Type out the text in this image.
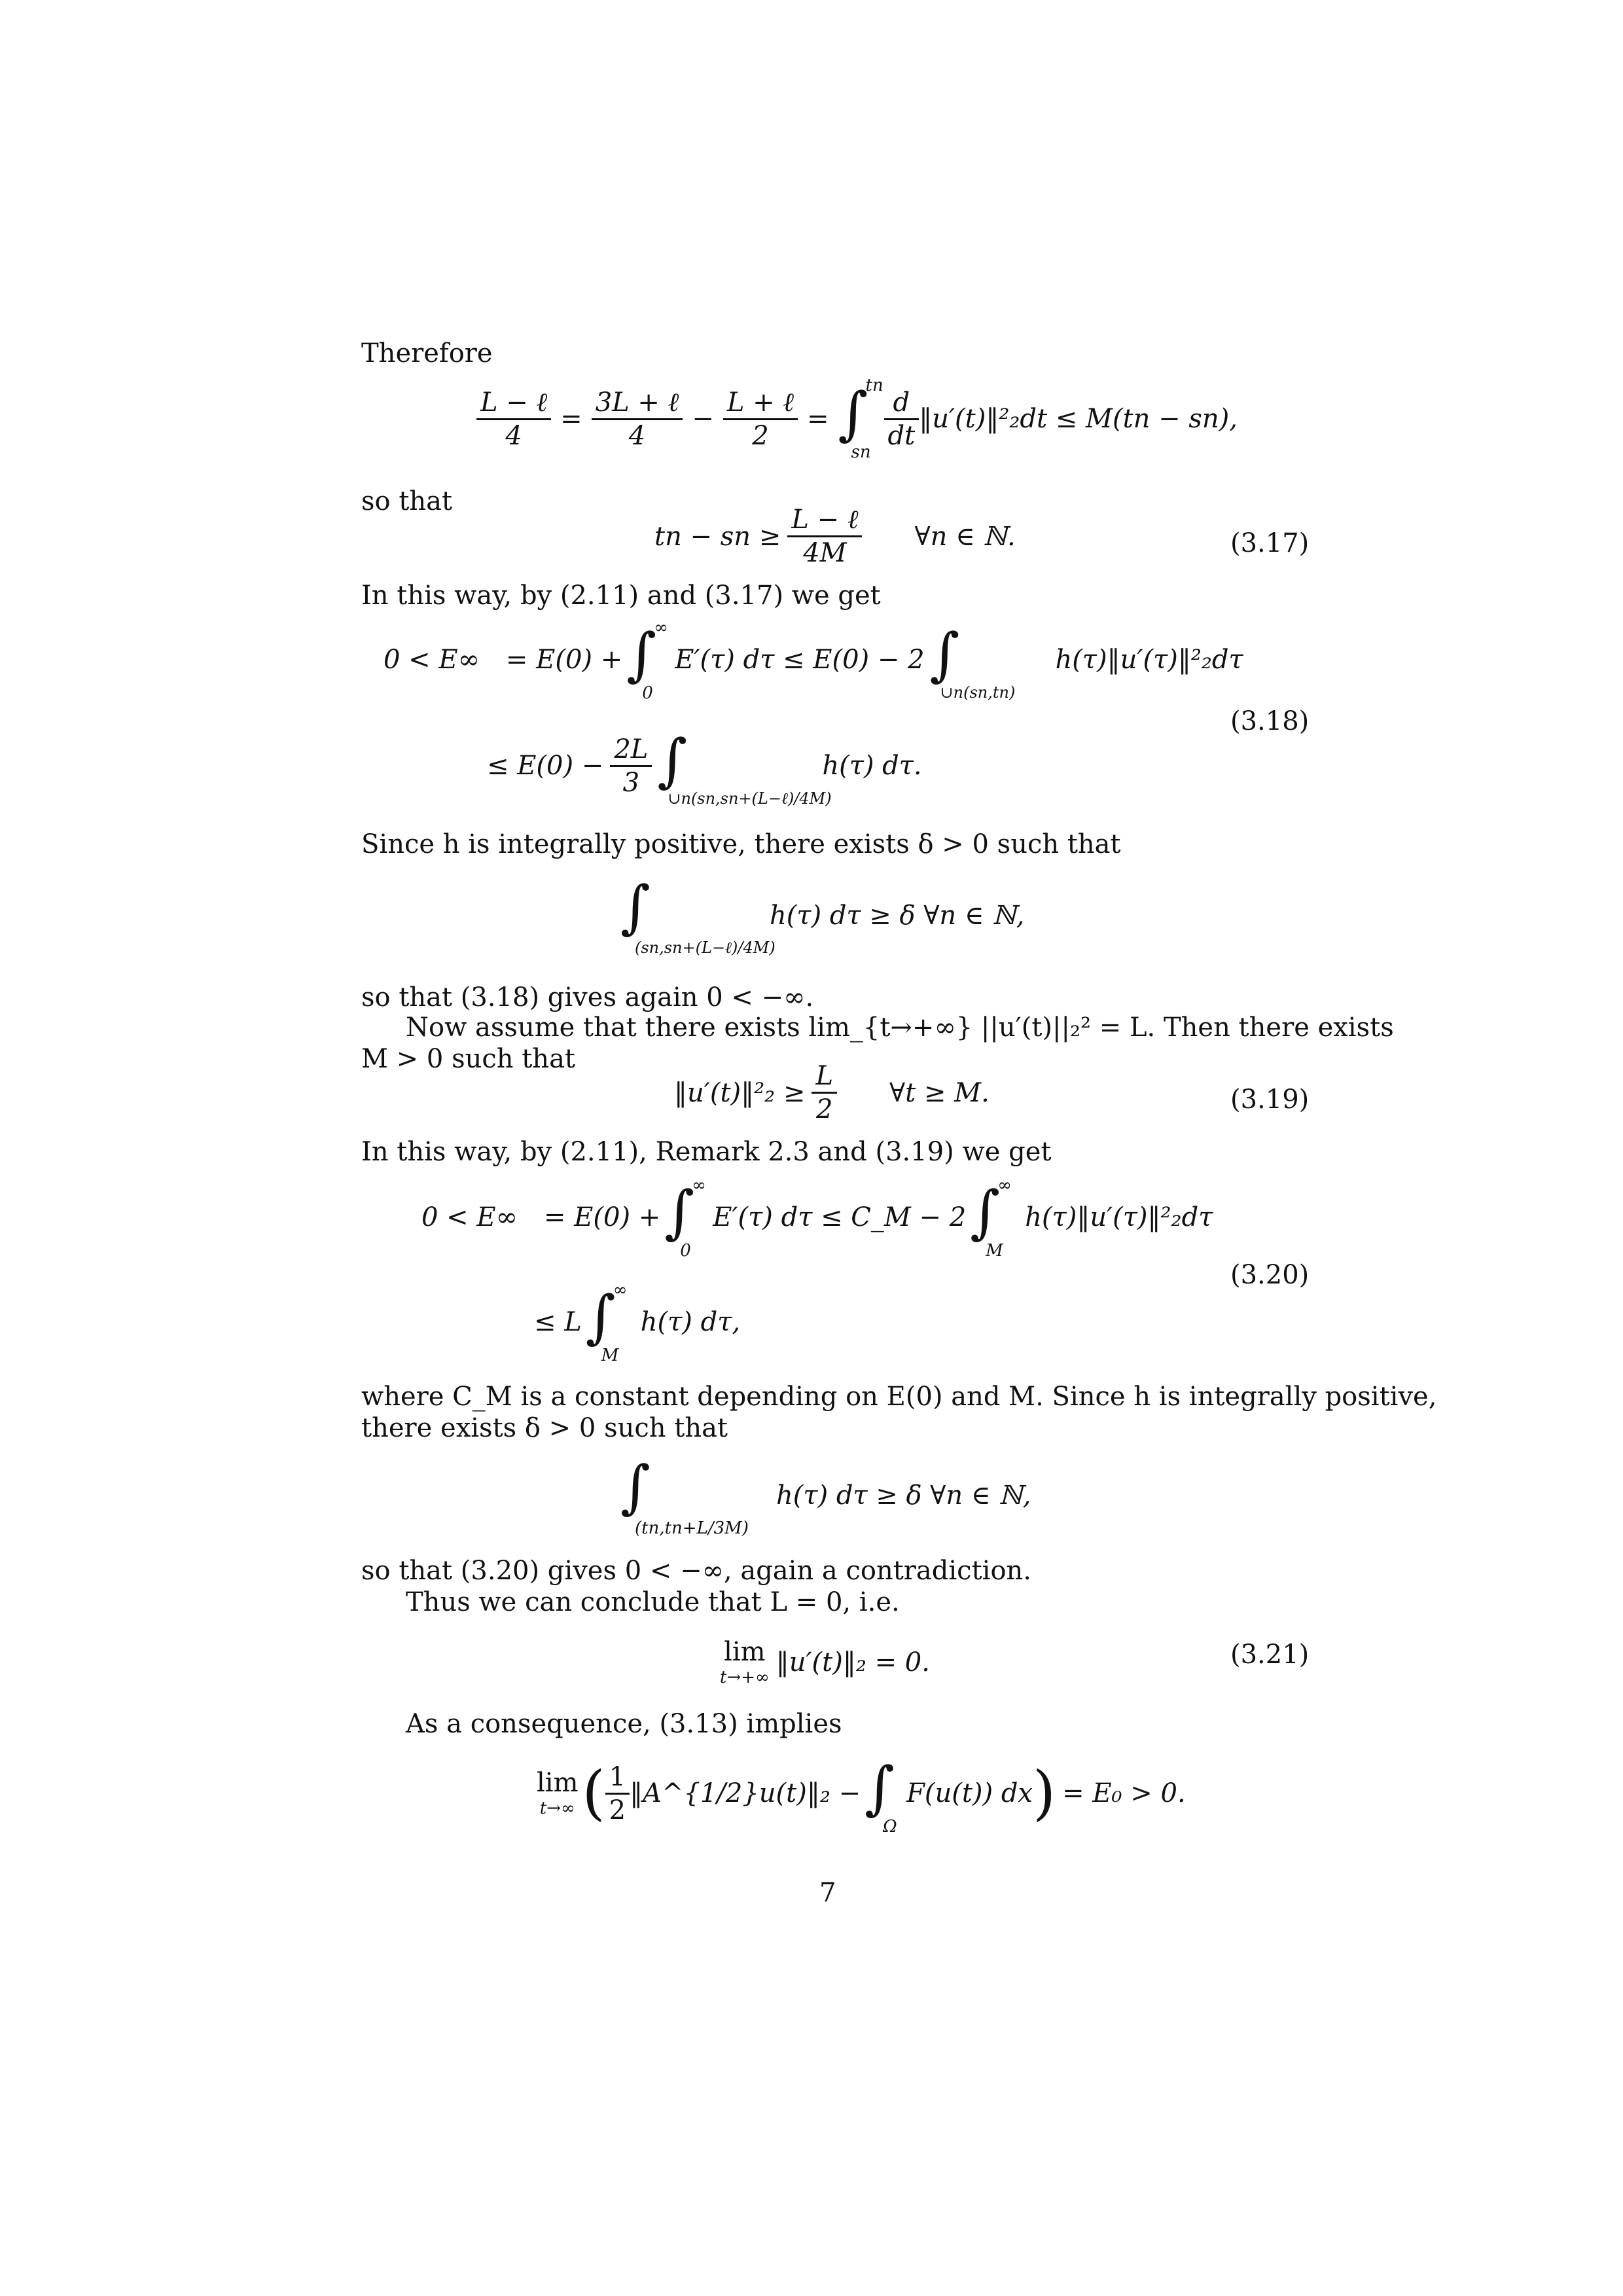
Therefore
$\frac{\text{L − ℓ}}{4} = \frac{\text{3L + ℓ}}{4} - \frac{\text{L + ℓ}}{2}$ = ∫
tn
sn
$\frac{d}{dt}$ ‖u′(t)‖²₂dt ≤ M(tn − sn),
so that
tn − sn ≥ $\frac{\text{L − ℓ}}{4M}$ ∀n ∈ ℕ.	(3.17)
In this way, by (2.11) and (3.17) we get
0 < E∞ = E(0) + ∫
∞
0
E′(τ) dτ ≤ E(0) − 2 ∫
∪n(sn,tn)
h(τ)‖u′(τ)‖²₂dτ
(3.18)
≤ $E(0) - \frac{2L}{3}$ ∫
∪n(sn,sn+(L−ℓ)/4M)
h(τ) dτ.
Since h is integrally positive, there exists δ > 0 such that
∫
(sn,sn+(L−ℓ)/4M)
h(τ) dτ ≥ δ ∀n ∈ ℕ,
so that (3.18) gives again 0 < −∞.
Now assume that there exists lim_{t→+∞} ||u′(t)||₂² = L. Then there exists
M > 0 such that
‖u′(t)‖²₂ ≥ $\frac{L}{2}$ ∀t ≥ M.	(3.19)
In this way, by (2.11), Remark 2.3 and (3.19) we get
0 < E∞ = E(0) + ∫
∞
0
E′(τ) dτ ≤ C_M − 2 ∫
∞
M
h(τ)‖u′(τ)‖²₂dτ
(3.20)
≤ L ∫
∞
M
h(τ) dτ,
where C_M is a constant depending on E(0) and M. Since h is integrally positive,
there exists δ > 0 such that
∫
(tn,tn+L/3M)
h(τ) dτ ≥ δ ∀n ∈ ℕ,
so that (3.20) gives 0 < −∞, again a contradiction.
Thus we can conclude that L = 0, i.e.
lim
t→+∞
‖u′(t)‖₂ = 0.	(3.21)
As a consequence, (3.13) implies
lim
t→∞ ( $\frac{1}{2}$ ‖A^{1/2}u(t)‖₂ − ∫
Ω
F(u(t)) dx ) = E₀ > 0.
7
